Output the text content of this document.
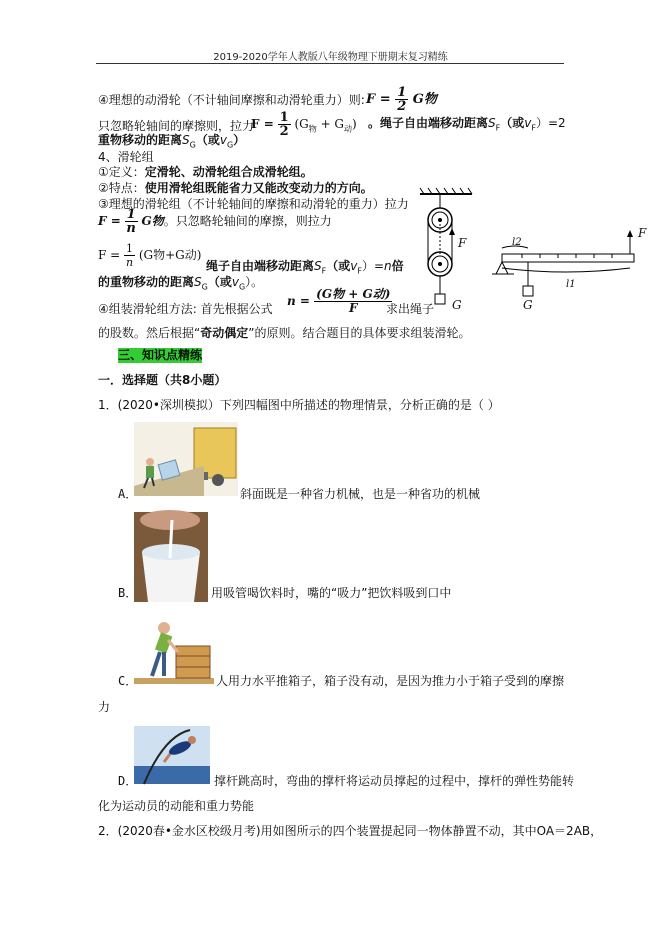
2019-2020学年人教版八年级物理下册期末复习精练
④理想的动滑轮（不计轴间摩擦和动滑轮重力）则: $F = \frac{1}{2}$ G物
只忽略轮轴间的摩擦则，拉力
$F = \frac{1}{2} (G_物 + G_动)$ 。绳子自由端移动距离$S_F$（或$v_F)=2$
重物移动的距离$S_G$（或$v_G$）
4、滑轮组
①定义：定滑轮、动滑轮组合成滑轮组。
②特点：使用滑轮组既能省力又能改变动力的方向。
③理想的滑轮组（不计轮轴间的摩擦和动滑轮的重力）拉力
$F = \frac{1}{n}$ G物。只忽略轮轴间的摩擦，则拉力
$F = \frac{1}{n} (G$物+G动)
绳子自由端移动距离$S_F$（或$v_F)=n$倍
的重物移动的距离$S_G$（或$v_G$）。
④组装滑轮组方法: 首先根据公式
$n = \frac{\text{(G物 + G动)}}{F}$
求出绳子
的股数。然后根据“奇动偶定”的原则。结合题目的具体要求组装滑轮。
F
G
F
G
l1
l2
三、知识点精练
一．选择题（共8小题）
1．(2020•深圳模拟）下列四幅图中所描述的物理情景，分析正确的是（ ）
A．	斜面既是一种省力机械，也是一种省功的机械
B．	用吸管喝饮料时，嘴的“吸力”把饮料吸到口中
C．	人用力水平推箱子，箱子没有动，是因为推力小于箱子受到的摩擦
力
D．	撑杆跳高时，弯曲的撑杆将运动员撑起的过程中，撑杆的弹性势能转
化为运动员的动能和重力势能
2．(2020春•金水区校级月考)用如图所示的四个装置提起同一物体静置不动，其中OA＝2AB，
